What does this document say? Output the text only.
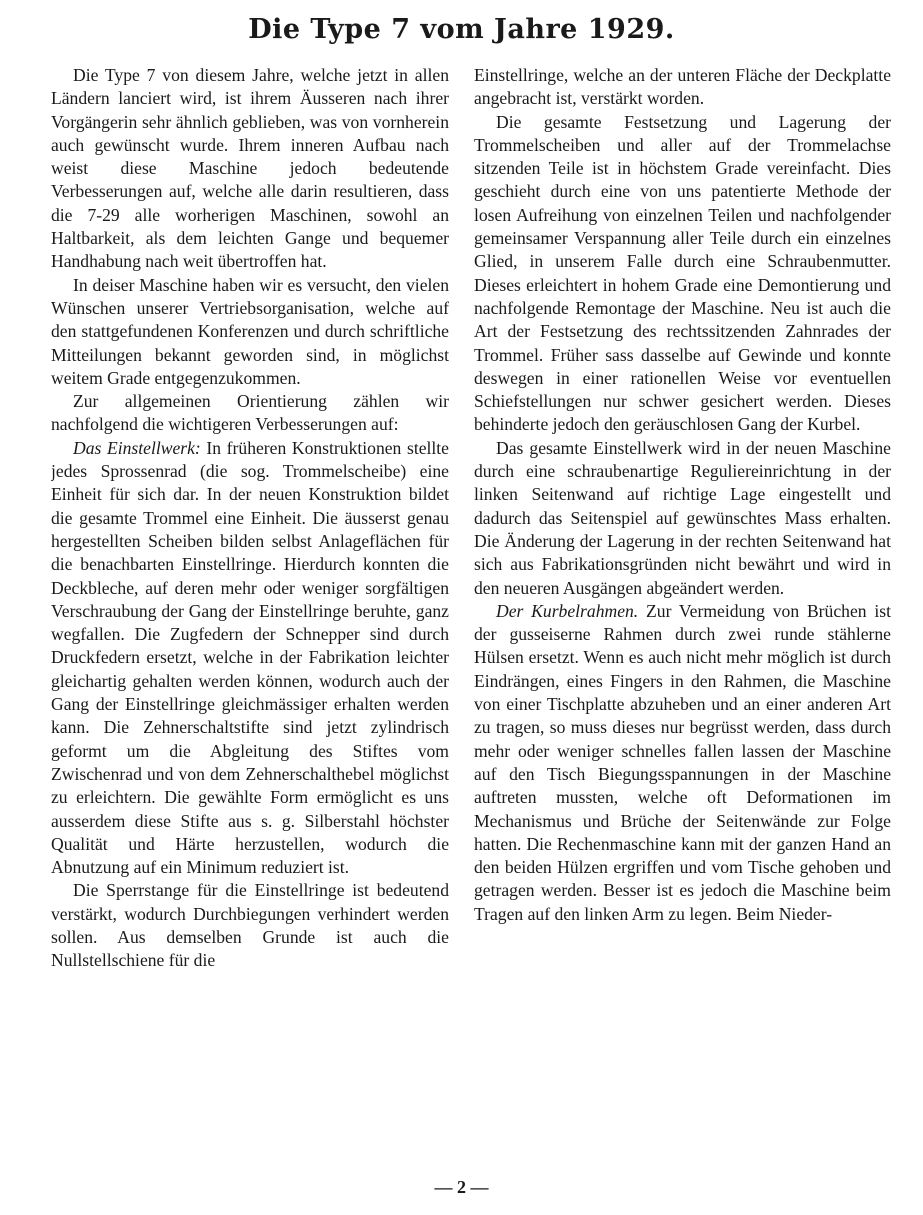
Die Type 7 vom Jahre 1929.

Die Type 7 von diesem Jahre, welche jetzt in allen Ländern lanciert wird, ist ihrem Äusseren nach ihrer Vorgängerin sehr ähnlich geblieben, was von vornherein auch gewünscht wurde. Ihrem inneren Aufbau nach weist diese Maschine jedoch bedeutende Verbesserungen auf, welche alle darin resultieren, dass die 7-29 alle worherigen Maschinen, sowohl an Haltbarkeit, als dem leichten Gange und bequemer Handhabung nach weit übertroffen hat.

In deiser Maschine haben wir es versucht, den vielen Wünschen unserer Vertriebsorganisation, welche auf den stattgefundenen Konferenzen und durch schriftliche Mitteilungen bekannt geworden sind, in möglichst weitem Grade entgegenzukommen.

Zur allgemeinen Orientierung zählen wir nachfolgend die wichtigeren Verbesserungen auf:

Das Einstellwerk: In früheren Konstruktionen stellte jedes Sprossenrad (die sog. Trommelscheibe) eine Einheit für sich dar. In der neuen Konstruktion bildet die gesamte Trommel eine Einheit. Die äusserst genau hergestellten Scheiben bilden selbst Anlageflächen für die benachbarten Einstellringe. Hierdurch konnten die Deckbleche, auf deren mehr oder weniger sorgfältigen Verschraubung der Gang der Einstellringe beruhte, ganz wegfallen. Die Zugfedern der Schnepper sind durch Druckfedern ersetzt, welche in der Fabrikation leichter gleichartig gehalten werden können, wodurch auch der Gang der Einstellringe gleichmässiger erhalten werden kann. Die Zehnerschaltstifte sind jetzt zylindrisch geformt um die Abgleitung des Stiftes vom Zwischenrad und von dem Zehnerschalthebel möglichst zu erleichtern. Die gewählte Form ermöglicht es uns ausserdem diese Stifte aus s. g. Silberstahl höchster Qualität und Härte herzustellen, wodurch die Abnutzung auf ein Minimum reduziert ist.

Die Sperrstange für die Einstellringe ist bedeutend verstärkt, wodurch Durchbiegungen verhindert werden sollen. Aus demselben Grunde ist auch die Nullstellschiene für die

Einstellringe, welche an der unteren Fläche der Deckplatte angebracht ist, verstärkt worden.

Die gesamte Festsetzung und Lagerung der Trommelscheiben und aller auf der Trommelachse sitzenden Teile ist in höchstem Grade vereinfacht. Dies geschieht durch eine von uns patentierte Methode der losen Aufreihung von einzelnen Teilen und nachfolgender gemeinsamer Verspannung aller Teile durch ein einzelnes Glied, in unserem Falle durch eine Schraubenmutter. Dieses erleichtert in hohem Grade eine Demontierung und nachfolgende Remontage der Maschine. Neu ist auch die Art der Festsetzung des rechtssitzenden Zahnrades der Trommel. Früher sass dasselbe auf Gewinde und konnte deswegen in einer rationellen Weise vor eventuellen Schiefstellungen nur schwer gesichert werden. Dieses behinderte jedoch den geräuschlosen Gang der Kurbel.

Das gesamte Einstellwerk wird in der neuen Maschine durch eine schraubenartige Reguliereinrichtung in der linken Seitenwand auf richtige Lage eingestellt und dadurch das Seitenspiel auf gewünschtes Mass erhalten. Die Änderung der Lagerung in der rechten Seitenwand hat sich aus Fabrikationsgründen nicht bewährt und wird in den neueren Ausgängen abgeändert werden.

Der Kurbelrahmen. Zur Vermeidung von Brüchen ist der gusseiserne Rahmen durch zwei runde stählerne Hülsen ersetzt. Wenn es auch nicht mehr möglich ist durch Eindrängen, eines Fingers in den Rahmen, die Maschine von einer Tischplatte abzuheben und an einer anderen Art zu tragen, so muss dieses nur begrüsst werden, dass durch mehr oder weniger schnelles fallen lassen der Maschine auf den Tisch Biegungsspannungen in der Maschine auftreten mussten, welche oft Deformationen im Mechanismus und Brüche der Seitenwände zur Folge hatten. Die Rechenmaschine kann mit der ganzen Hand an den beiden Hülzen ergriffen und vom Tische gehoben und getragen werden. Besser ist es jedoch die Maschine beim Tragen auf den linken Arm zu legen. Beim Nieder-

— 2 —
